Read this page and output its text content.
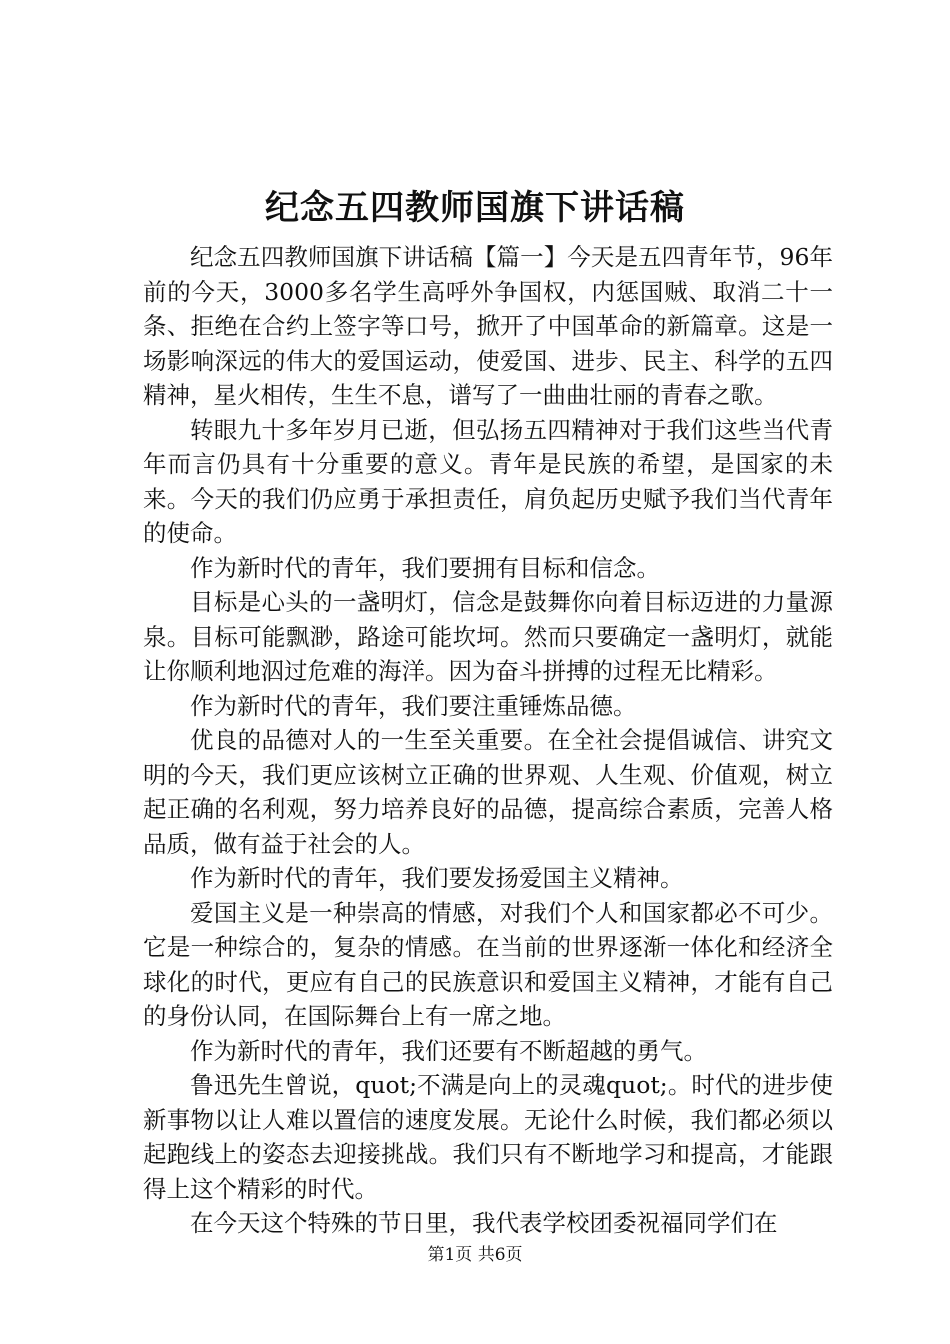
纪念五四教师国旗下讲话稿

纪念五四教师国旗下讲话稿【篇一】今天是五四青年节，96年前的今天，3000多名学生高呼外争国权，内惩国贼、取消二十一条、拒绝在合约上签字等口号，掀开了中国革命的新篇章。这是一场影响深远的伟大的爱国运动，使爱国、进步、民主、科学的五四精神，星火相传，生生不息，谱写了一曲曲壮丽的青春之歌。

转眼九十多年岁月已逝，但弘扬五四精神对于我们这些当代青年而言仍具有十分重要的意义。青年是民族的希望，是国家的未来。今天的我们仍应勇于承担责任，肩负起历史赋予我们当代青年的使命。

作为新时代的青年，我们要拥有目标和信念。

目标是心头的一盏明灯，信念是鼓舞你向着目标迈进的力量源泉。目标可能飘渺，路途可能坎坷。然而只要确定一盏明灯，就能让你顺利地泅过危难的海洋。因为奋斗拼搏的过程无比精彩。

作为新时代的青年，我们要注重锤炼品德。

优良的品德对人的一生至关重要。在全社会提倡诚信、讲究文明的今天，我们更应该树立正确的世界观、人生观、价值观，树立起正确的名利观，努力培养良好的品德，提高综合素质，完善人格品质，做有益于社会的人。

作为新时代的青年，我们要发扬爱国主义精神。

爱国主义是一种崇高的情感，对我们个人和国家都必不可少。它是一种综合的，复杂的情感。在当前的世界逐渐一体化和经济全球化的时代，更应有自己的民族意识和爱国主义精神，才能有自己的身份认同，在国际舞台上有一席之地。

作为新时代的青年，我们还要有不断超越的勇气。

鲁迅先生曾说，quot;不满是向上的灵魂quot;。时代的进步使新事物以让人难以置信的速度发展。无论什么时候，我们都必须以起跑线上的姿态去迎接挑战。我们只有不断地学习和提高，才能跟得上这个精彩的时代。

在今天这个特殊的节日里，我代表学校团委祝福同学们在

第1页 共6页
